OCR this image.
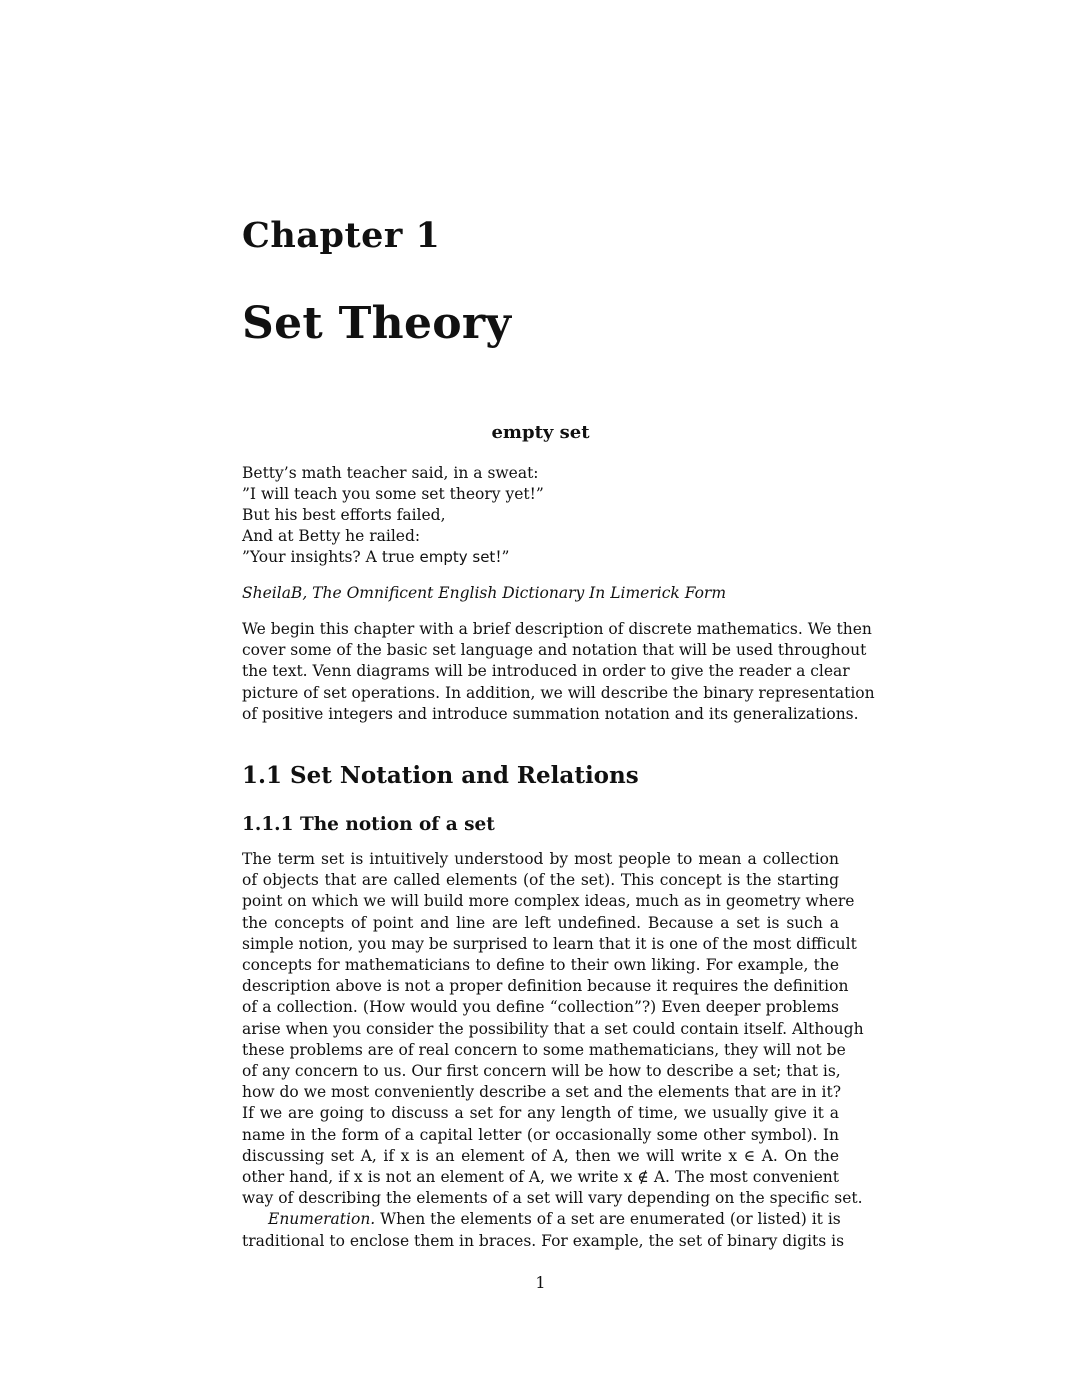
Chapter 1
Set Theory
empty set
Betty’s math teacher said, in a sweat:
”I will teach you some set theory yet!”
But his best efforts failed,
And at Betty he railed:
”Your insights? A true empty set!”
SheilaB, The Omnificent English Dictionary In Limerick Form
We begin this chapter with a brief description of discrete mathematics. We then
cover some of the basic set language and notation that will be used throughout
the text. Venn diagrams will be introduced in order to give the reader a clear
picture of set operations. In addition, we will describe the binary representation
of positive integers and introduce summation notation and its generalizations.
1.1 Set Notation and Relations
1.1.1 The notion of a set
The term set is intuitively understood by most people to mean a collection
of objects that are called elements (of the set). This concept is the starting
point on which we will build more complex ideas, much as in geometry where
the concepts of point and line are left undefined. Because a set is such a
simple notion, you may be surprised to learn that it is one of the most difficult
concepts for mathematicians to define to their own liking. For example, the
description above is not a proper definition because it requires the definition
of a collection. (How would you define “collection”?) Even deeper problems
arise when you consider the possibility that a set could contain itself. Although
these problems are of real concern to some mathematicians, they will not be
of any concern to us. Our first concern will be how to describe a set; that is,
how do we most conveniently describe a set and the elements that are in it?
If we are going to discuss a set for any length of time, we usually give it a
name in the form of a capital letter (or occasionally some other symbol). In
discussing set A, if x is an element of A, then we will write x ∈ A. On the
other hand, if x is not an element of A, we write x ∉ A. The most convenient
way of describing the elements of a set will vary depending on the specific set.
Enumeration. When the elements of a set are enumerated (or listed) it is
traditional to enclose them in braces. For example, the set of binary digits is
1
